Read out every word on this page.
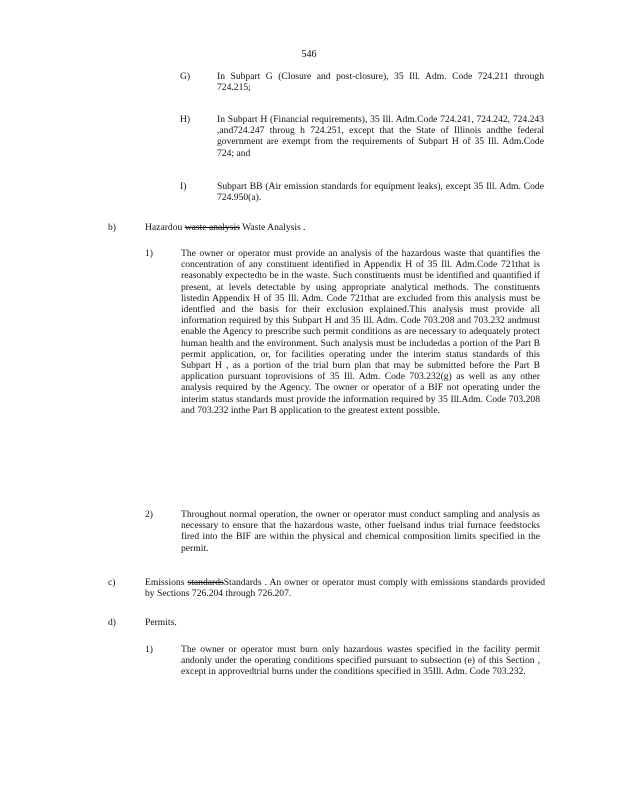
546
G)	In Subpart G (Closure and post-closure), 35 Ill. Adm. Code 724.211 through 724.215;
H)	In Subpart H (Financial requirements), 35 Ill. Adm.Code 724.241, 724.242, 724.243 ,and724.247 throug h 724.251, except that the State of Illinois andthe federal government are exempt from the requirements of Subpart H of 35 Ill. Adm.Code 724; and
I)	Subpart BB (Air emission standards for equipment leaks), except 35 Ill. Adm. Code 724.950(a).
b)	Hazardou waste analysis Waste Analysis .
1)	The owner or operator must provide an analysis of the hazardous waste that quantifies the concentration of any constituent identified in Appendix H of 35 Ill. Adm.Code 721that is reasonably expectedto be in the waste. Such constituents must be identified and quantified if present, at levels detectable by using appropriate analytical methods. The constituents listedin Appendix H of 35 Ill. Adm. Code 721that are excluded from this analysis must be identfied and the basis for their exclusion explained.This analysis must provide all information required by this Subpart H and 35 Ill. Adm. Code 703.208 and 703.232 andmust enable the Agency to prescribe such permit conditions as are necessary to adequately protect human health and the environment. Such analysis must be includedas a portion of the Part B permit application, or, for facilities operating under the interim status standards of this Subpart H , as a portion of the trial burn plan that may be submitted before the Part B application pursuant toprovisions of 35 Ill. Adm. Code 703.232(g) as well as any other analysis required by the Agency. The owner or operator of a BIF not operating under the interim status standards must provide the information required by 35 Ill.Adm. Code 703.208 and 703.232 inthe Part B application to the greatest extent possible.
2)	Throughout normal operation, the owner or operator must conduct sampling and analysis as necessary to ensure that the hazardous waste, other fuelsand indus trial furnace feedstocks fired into the BIF are within the physical and chemical composition limits specified in the permit.
c)	Emissions standardsStandards . An owner or operator must comply with emissions standards provided by Sections 726.204 through 726.207.
d)	Permits.
1)	The owner or operator must burn only hazardous wastes specified in the facility permit andonly under the operating conditions specified pursuant to subsection (e) of this Section , except in approvedtrial burns under the conditions specified in 35Ill. Adm. Code 703.232.
